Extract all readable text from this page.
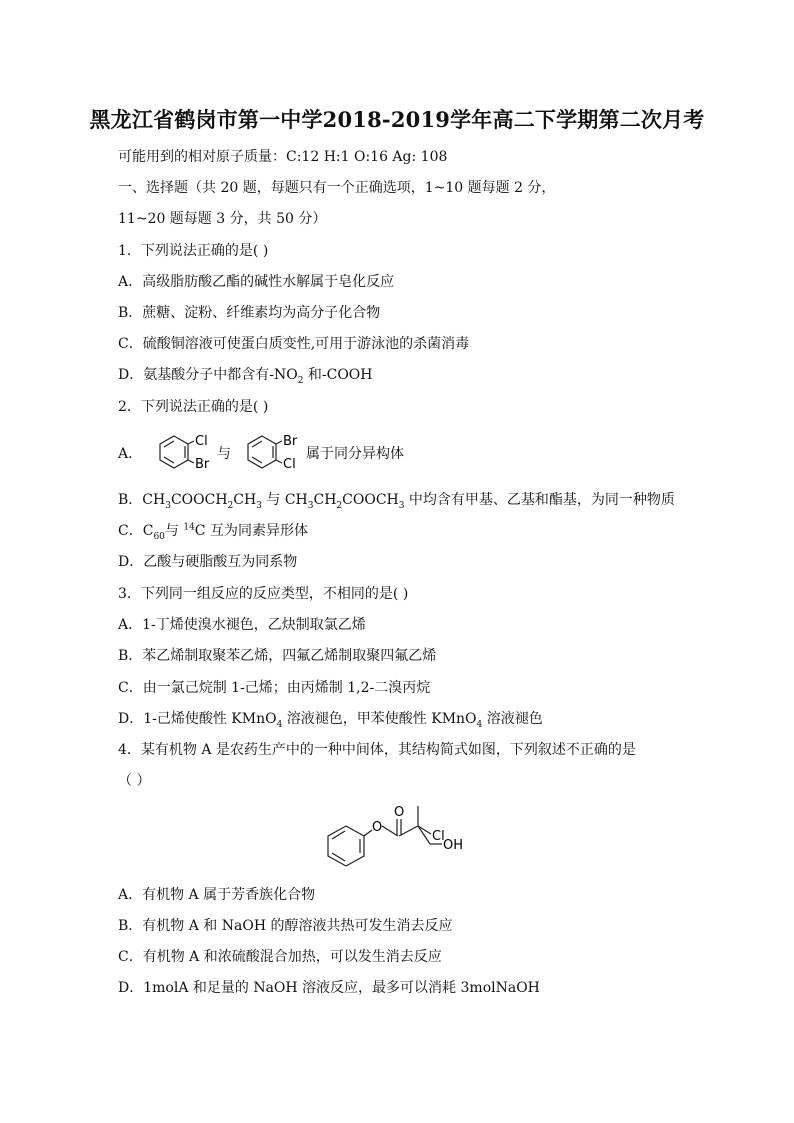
黑龙江省鹤岗市第一中学2018-2019学年高二下学期第二次月考
可能用到的相对原子质量：C:12 H:1 O:16 Ag: 108
一、选择题（共 20 题，每题只有一个正确选项，1~10 题每题 2 分，
11~20 题每题 3 分，共 50 分）
1．下列说法正确的是( )
A．高级脂肪酸乙酯的碱性水解属于皂化反应
B．蔗糖、淀粉、纤维素均为高分子化合物
C．硫酸铜溶液可使蛋白质变性,可用于游泳池的杀菌消毒
D．氨基酸分子中都含有$-NO_2$ 和-COOH
2．下列说法正确的是( )
A．
Cl
Br
与
Br
Cl
属于同分异构体
B．$CH_3COOCH_2CH_3$ 与 $CH_3CH_2COOCH_3$ 中均含有甲基、乙基和酯基，为同一种物质
C．$C_{60}$与 $^{14}$C 互为同素异形体
D．乙酸与硬脂酸互为同系物
3．下列同一组反应的反应类型，不相同的是( )
A．1-丁烯使溴水褪色，乙炔制取氯乙烯
B．苯乙烯制取聚苯乙烯，四氟乙烯制取聚四氟乙烯
C．由一氯己烷制 1-己烯；由丙烯制 1,2-二溴丙烷
D．1-己烯使酸性 KMnO$_4$ 溶液褪色，甲苯使酸性 KMnO$_4$ 溶液褪色
4．某有机物 A 是农药生产中的一种中间体，其结构简式如图，下列叙述不正确的是
（ ）
O
O
Cl
OH
A．有机物 A 属于芳香族化合物
B．有机物 A 和 NaOH 的醇溶液共热可发生消去反应
C．有机物 A 和浓硫酸混合加热，可以发生消去反应
D．1molA 和足量的 NaOH 溶液反应，最多可以消耗 3molNaOH
